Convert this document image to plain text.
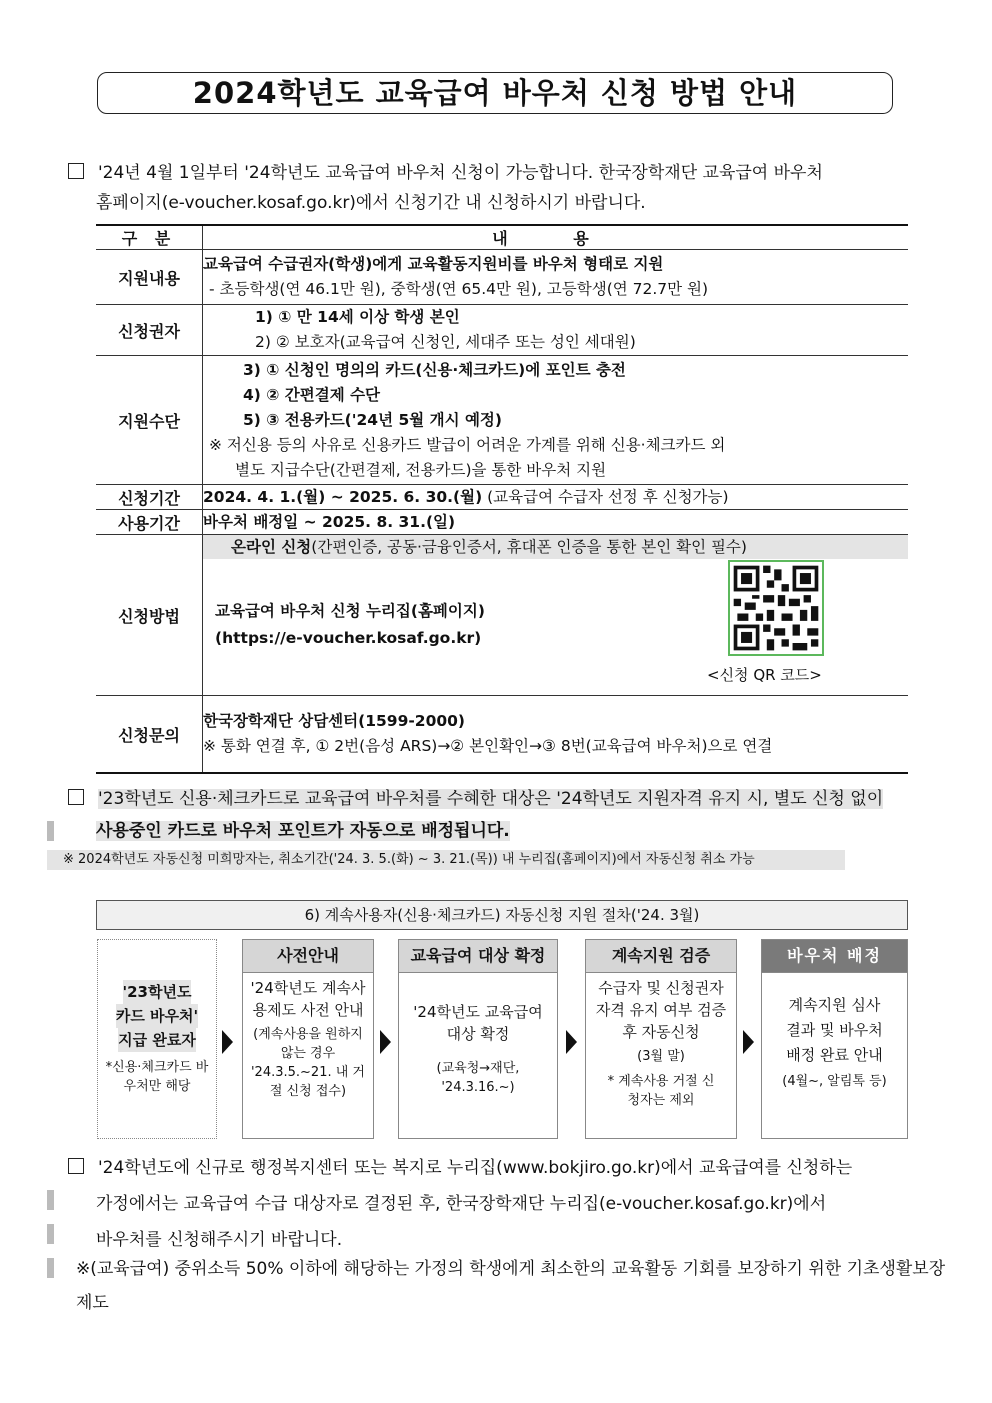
2024학년도 교육급여 바우처 신청 방법 안내
'24년 4월 1일부터 '24학년도 교육급여 바우처 신청이 가능합니다. 한국장학재단 교육급여 바우처
홈페이지(e-voucher.kosaf.go.kr)에서 신청기간 내 신청하시기 바랍니다.
구 분	내 용
지원내용	교육급여 수급권자(학생)에게 교육활동지원비를 바우처 형태로 지원
- 초등학생(연 46.1만 원), 중학생(연 65.4만 원), 고등학생(연 72.7만 원)

신청권자	1) ① 만 14세 이상 학생 본인
2) ② 보호자(교육급여 신청인, 세대주 또는 성인 세대원)

지원수단	3) ① 신청인 명의의 카드(신용·체크카드)에 포인트 충전
4) ② 간편결제 수단
5) ③ 전용카드('24년 5월 개시 예정)
※ 저신용 등의 사유로 신용카드 발급이 어려운 가계를 위해 신용·체크카드 외
별도 지급수단(간편결제, 전용카드)을 통한 바우처 지원

신청기간	2024. 4. 1.(월) ~ 2025. 6. 30.(월) (교육급여 수급자 선정 후 신청가능)
사용기간	바우처 배정일 ~ 2025. 8. 31.(일)
신청방법	온라인 신청(간편인증, 공동·금융인증서, 휴대폰 인증을 통한 본인 확인 필수)
교육급여 바우처 신청 누리집(홈페이지)
(https://e-voucher.kosaf.go.kr)

신청문의	한국장학재단 상담센터(1599-2000)
※ 통화 연결 후, ① 2번(음성 ARS)→② 본인확인→③ 8번(교육급여 바우처)으로 연결
<신청 QR 코드>
'23학년도 신용·체크카드로 교육급여 바우처를 수혜한 대상은 '24학년도 지원자격 유지 시, 별도 신청 없이
사용중인 카드로 바우처 포인트가 자동으로 배정됩니다.
※ 2024학년도 자동신청 미희망자는, 취소기간('24. 3. 5.(화) ~ 3. 21.(목)) 내 누리집(홈페이지)에서 자동신청 취소 가능
6) 계속사용자(신용·체크카드) 자동신청 지원 절차('24. 3월)
'23학년도
카드 바우처'
지급 완료자
*신용·체크카드 바우처만 해당
사전안내
'24학년도 계속사용제도 사전 안내
(계속사용을 원하지 않는 경우 '24.3.5.~21. 내 거절 신청 접수)
교육급여 대상 확정
'24학년도 교육급여 대상 확정
(교육청→재단, '24.3.16.~)
계속지원 검증
수급자 및 신청권자 자격 유지 여부 검증 후 자동신청
(3월 말)
* 계속사용 거절 신청자는 제외
바우처 배정
계속지원 심사결과 및 바우처 배정 완료 안내
(4월~, 알림톡 등)
'24학년도에 신규로 행정복지센터 또는 복지로 누리집(www.bokjiro.go.kr)에서 교육급여를 신청하는
가정에서는 교육급여 수급 대상자로 결정된 후, 한국장학재단 누리집(e-voucher.kosaf.go.kr)에서
바우처를 신청해주시기 바랍니다.
※(교육급여) 중위소득 50% 이하에 해당하는 가정의 학생에게 최소한의 교육활동 기회를 보장하기 위한 기초생활보장 제도
